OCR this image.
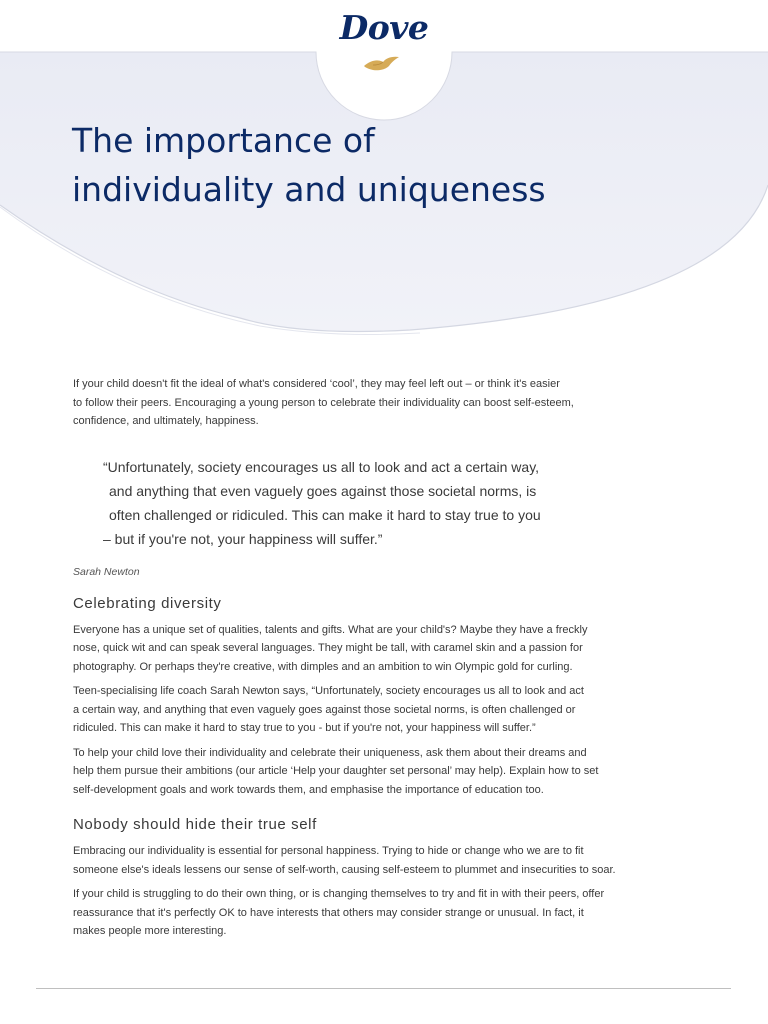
Dove
The importance of
individuality and uniqueness

If your child doesn't fit the ideal of what's considered ‘cool’, they may feel left out – or think it's easier
to follow their peers. Encouraging a young person to celebrate their individuality can boost self-esteem,
confidence, and ultimately, happiness.

“Unfortunately, society encourages us all to look and act a certain way,
and anything that even vaguely goes against those societal norms, is
often challenged or ridiculed. This can make it hard to stay true to you
– but if you're not, your happiness will suffer.”
Sarah Newton
Celebrating diversity

Everyone has a unique set of qualities, talents and gifts. What are your child's? Maybe they have a freckly
nose, quick wit and can speak several languages. They might be tall, with caramel skin and a passion for
photography. Or perhaps they're creative, with dimples and an ambition to win Olympic gold for curling.

Teen-specialising life coach Sarah Newton says, “Unfortunately, society encourages us all to look and act
a certain way, and anything that even vaguely goes against those societal norms, is often challenged or
ridiculed. This can make it hard to stay true to you - but if you're not, your happiness will suffer.”

To help your child love their individuality and celebrate their uniqueness, ask them about their dreams and
help them pursue their ambitions (our article ‘Help your daughter set personal’ may help). Explain how to set
self-development goals and work towards them, and emphasise the importance of education too.

Nobody should hide their true self

Embracing our individuality is essential for personal happiness. Trying to hide or change who we are to fit
someone else's ideals lessens our sense of self-worth, causing self-esteem to plummet and insecurities to soar.

If your child is struggling to do their own thing, or is changing themselves to try and fit in with their peers, offer
reassurance that it's perfectly OK to have interests that others may consider strange or unusual. In fact, it
makes people more interesting.
